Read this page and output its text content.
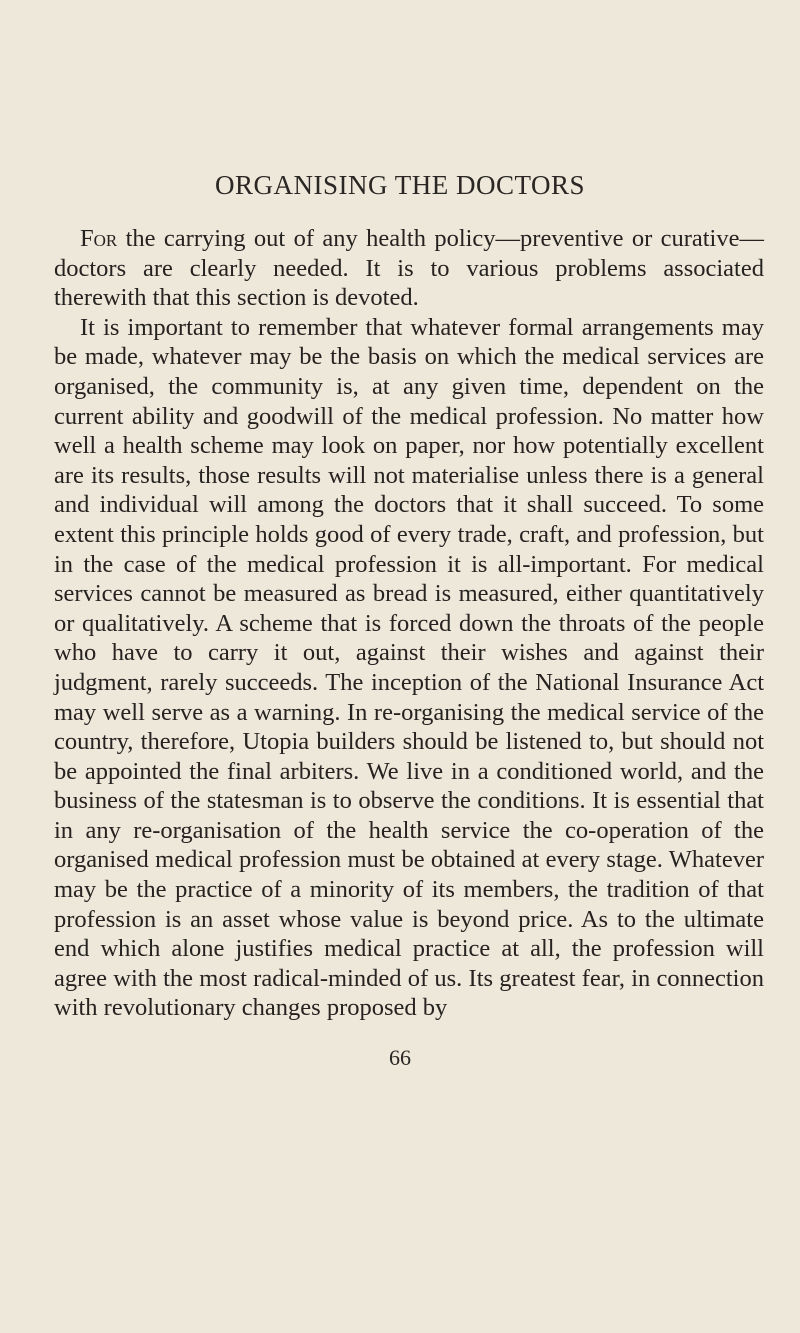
ORGANISING THE DOCTORS

For the carrying out of any health policy—preventive or curative—doctors are clearly needed. It is to various problems associated therewith that this section is devoted.

It is important to remember that whatever formal arrangements may be made, whatever may be the basis on which the medical services are organised, the community is, at any given time, dependent on the current ability and goodwill of the medical profession. No matter how well a health scheme may look on paper, nor how potentially excellent are its results, those results will not materialise unless there is a general and individual will among the doctors that it shall succeed. To some extent this principle holds good of every trade, craft, and profession, but in the case of the medical profession it is all-important. For medical services cannot be measured as bread is measured, either quantitatively or qualitatively. A scheme that is forced down the throats of the people who have to carry it out, against their wishes and against their judgment, rarely succeeds. The inception of the National Insurance Act may well serve as a warning. In re-organising the medical service of the country, therefore, Utopia builders should be listened to, but should not be appointed the final arbiters. We live in a conditioned world, and the business of the statesman is to observe the conditions. It is essential that in any re-organisation of the health service the co-operation of the organised medical profession must be obtained at every stage. Whatever may be the practice of a minority of its members, the tradition of that profession is an asset whose value is beyond price. As to the ultimate end which alone justifies medical practice at all, the profession will agree with the most radical-minded of us. Its greatest fear, in connection with revolutionary changes proposed by

66
